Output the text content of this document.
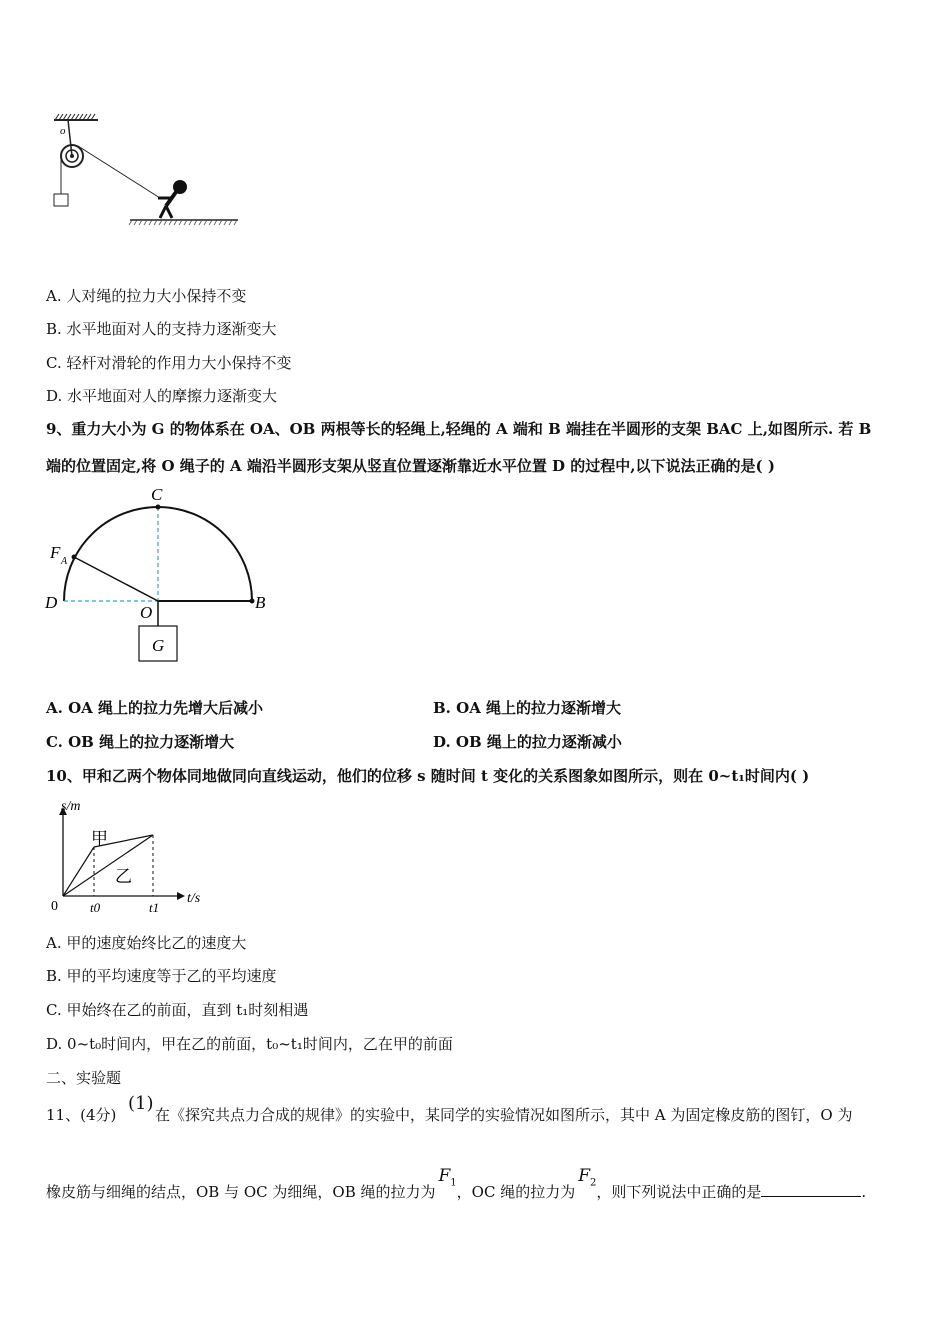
o
A. 人对绳的拉力大小保持不变
B. 水平地面对人的支持力逐渐变大
C. 轻杆对滑轮的作用力大小保持不变
D. 水平地面对人的摩擦力逐渐变大
9、重力大小为 G 的物体系在 OA、OB 两根等长的轻绳上,轻绳的 A 端和 B 端挂在半圆形的支架 BAC 上,如图所示. 若 B
端的位置固定,将 O 绳子的 A 端沿半圆形支架从竖直位置逐渐靠近水平位置 D 的过程中,以下说法正确的是( )
C
F A
D
O
B
G
A. OA 绳上的拉力先增大后减小	B. OA 绳上的拉力逐渐增大
C. OB 绳上的拉力逐渐增大	D. OB 绳上的拉力逐渐减小
10、甲和乙两个物体同地做同向直线运动，他们的位移 s 随时间 t 变化的关系图象如图所示，则在 0~t₁时间内( )
s/m
t/s
0 t0	t1
甲
乙
A. 甲的速度始终比乙的速度大
B. 甲的平均速度等于乙的平均速度
C. 甲始终在乙的前面，直到 t₁时刻相遇
D. 0~t₀时间内，甲在乙的前面，t₀~t₁时间内，乙在甲的前面
二、实验题
11、(4分)
(1)
在《探究共点力合成的规律》的实验中，某同学的实验情况如图所示，其中 A 为固定橡皮筋的图钉，O 为
橡皮筋与细绳的结点，OB 与 OC 为细绳，OB 绳的拉力为$F_1$，OC 绳的拉力为$F_2$，则下列说法中正确的是	.
